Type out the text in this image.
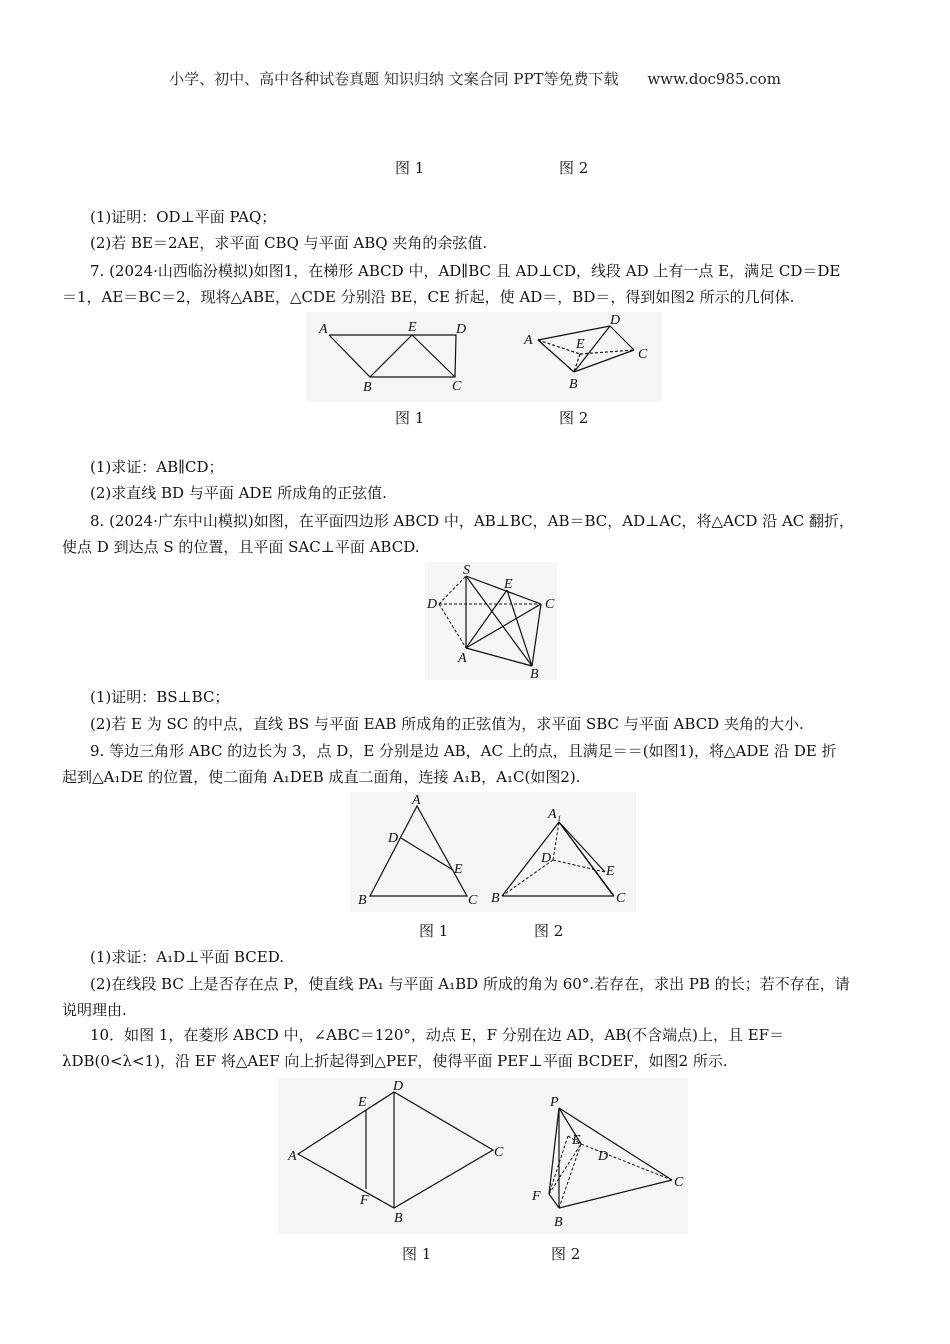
小学、初中、高中各种试卷真题 知识归纳 文案合同 PPT等免费下载 www.doc985.com
图 1	图 2
(1)证明：OD⊥平面 PAQ；
(2)若 BE＝2AE，求平面 CBQ 与平面 ABQ 夹角的余弦值.
7. (2024·山西临汾模拟)如图1，在梯形 ABCD 中，AD∥BC 且 AD⊥CD，线段 AD 上有一点 E，满足 CD＝DE
＝1，AE＝BC＝2，现将△ABE，△CDE 分别沿 BE，CE 折起，使 AD＝，BD＝，得到如图2 所示的几何体.
A	E	D
B	C
A
D
E
C
B
图 1	图 2
(1)求证：AB∥CD；
(2)求直线 BD 与平面 ADE 所成角的正弦值.
8. (2024·广东中山模拟)如图，在平面四边形 ABCD 中，AB⊥BC，AB＝BC，AD⊥AC，将△ACD 沿 AC 翻折，
使点 D 到达点 S 的位置，且平面 SAC⊥平面 ABCD.
S
E
D	C
A
B
(1)证明：BS⊥BC；
(2)若 E 为 SC 的中点，直线 BS 与平面 EAB 所成角的正弦值为，求平面 SBC 与平面 ABCD 夹角的大小.
9. 等边三角形 ABC 的边长为 3，点 D，E 分别是边 AB，AC 上的点，且满足＝＝(如图1)，将△ADE 沿 DE 折
起到△A₁DE 的位置，使二面角 A₁DEB 成直二面角，连接 A₁B，A₁C(如图2).
A
D
E
B	C
A₁
D
E
B	C
图 1	图 2
(1)求证：A₁D⊥平面 BCED.
(2)在线段 BC 上是否存在点 P，使直线 PA₁ 与平面 A₁BD 所成的角为 60°.若存在，求出 PB 的长；若不存在，请
说明理由.
10．如图 1，在菱形 ABCD 中，∠ABC＝120°，动点 E，F 分别在边 AD，AB(不含端点)上，且 EF＝
λDB(0<λ<1)，沿 EF 将△AEF 向上折起得到△PEF，使得平面 PEF⊥平面 BCDEF，如图2 所示.
A
D
E
C
F
B
P
E
D
C
F
B
图 1	图 2
